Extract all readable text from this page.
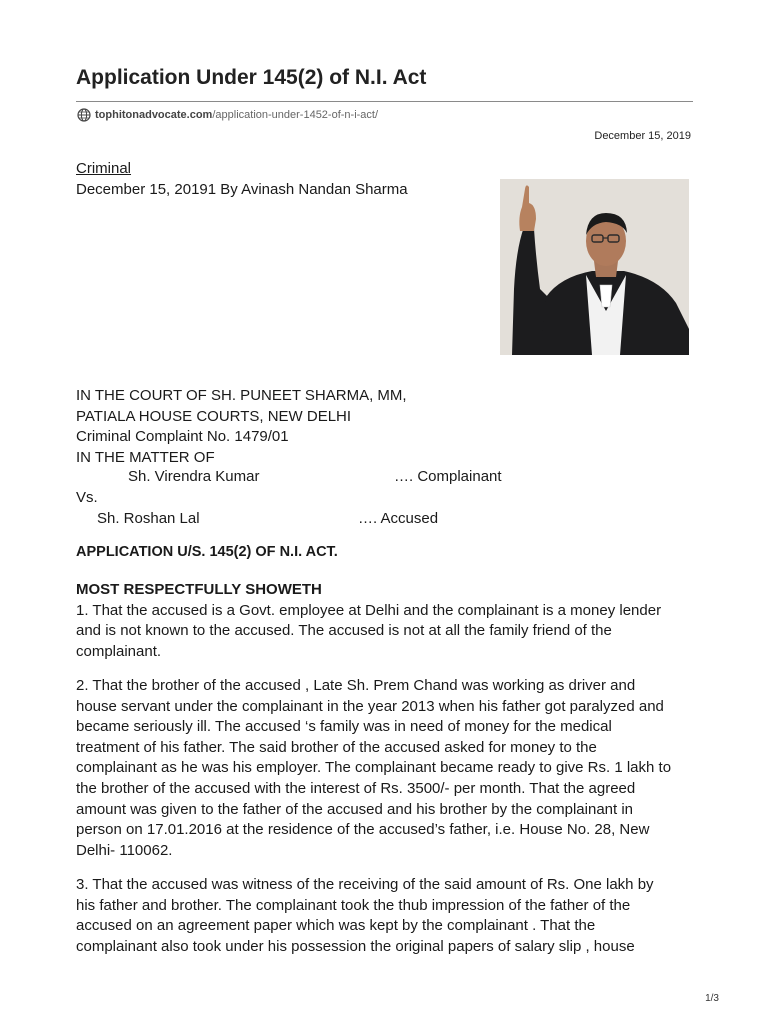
Application Under 145(2) of N.I. Act
tophitonadvocate.com /application-under-1452-of-n-i-act/
December 15, 2019
Criminal
December 15, 20191 By Avinash Nandan Sharma
IN THE COURT OF SH. PUNEET SHARMA, MM,
PATIALA HOUSE COURTS, NEW DELHI
Criminal Complaint No. 1479/01
IN THE MATTER OF
Sh. Virendra Kumar	…. Complainant
Vs.
Sh. Roshan Lal	…. Accused
APPLICATION U/S. 145(2) OF N.I. ACT.
MOST RESPECTFULLY SHOWETH
1. That the accused is a Govt. employee at Delhi and the complainant is a money lender
and is not known to the accused. The accused is not at all the family friend of the
complainant.
2. That the brother of the accused , Late Sh. Prem Chand was working as driver and
house servant under the complainant in the year 2013 when his father got paralyzed and
became seriously ill. The accused ‘s family was in need of money for the medical
treatment of his father. The said brother of the accused asked for money to the
complainant as he was his employer. The complainant became ready to give Rs. 1 lakh to
the brother of the accused with the interest of Rs. 3500/- per month. That the agreed
amount was given to the father of the accused and his brother by the complainant in
person on 17.01.2016 at the residence of the accused’s father, i.e. House No. 28, New
Delhi- 110062.
3. That the accused was witness of the receiving of the said amount of Rs. One lakh by
his father and brother. The complainant took the thub impression of the father of the
accused on an agreement paper which was kept by the complainant . That the
complainant also took under his possession the original papers of salary slip , house
1/3
